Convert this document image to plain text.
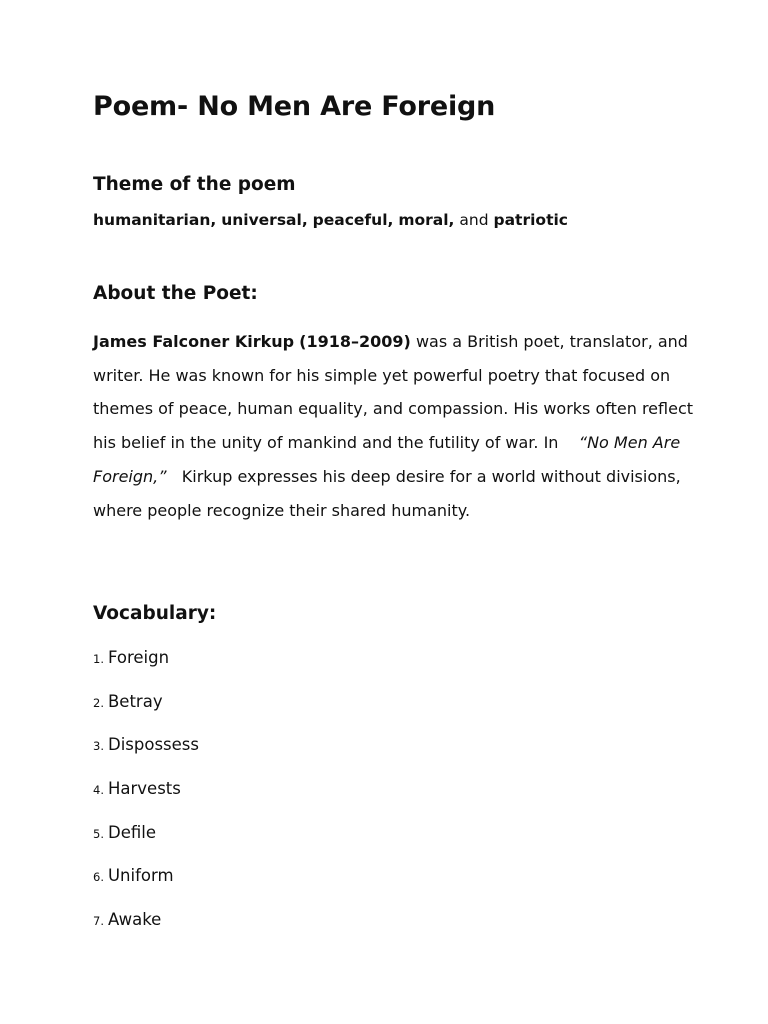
Poem- No Men Are Foreign
Theme of the poem

humanitarian, universal, peaceful, moral, and patriotic

About the Poet:

James Falconer Kirkup (1918–2009) was a British poet, translator, and writer. He was known for his simple yet powerful poetry that focused on themes of peace, human equality, and compassion. His works often reflect his belief in the unity of mankind and the futility of war. In    “No Men Are Foreign,”   Kirkup expresses his deep desire for a world without divisions, where people recognize their shared humanity.

Vocabulary:
1. Foreign
2. Betray
3. Dispossess
4. Harvests
5. Defile
6. Uniform
7. Awake
